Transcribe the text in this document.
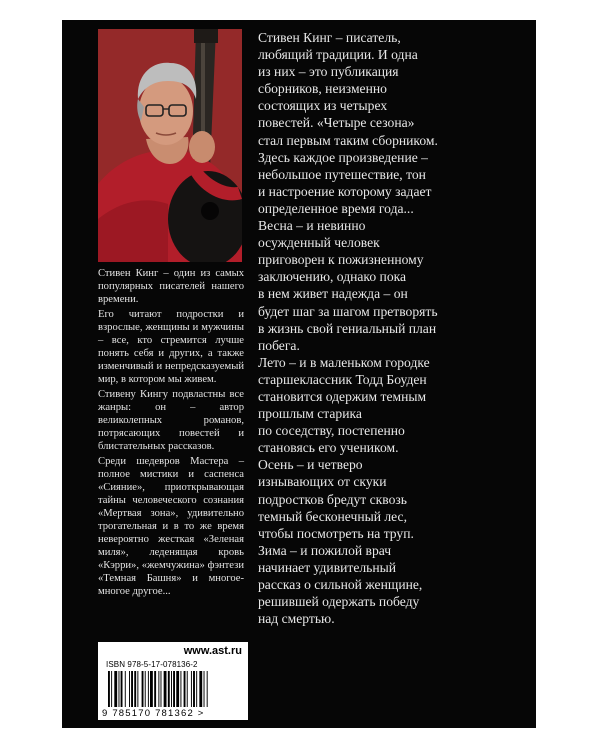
Стивен Кинг – один из самых популярных писателей нашего времени.

Его читают подростки и взрослые, женщины и мужчины – все, кто стремится лучше понять себя и других, а также изменчивый и непредсказуемый мир, в котором мы живем.

Стивену Кингу подвластны все жанры: он – автор великолепных романов, потрясающих повестей и блистательных рассказов.

Среди шедевров Мастера – полное мистики и саспенса «Сияние», приоткрывающая тайны человеческого сознания «Мертвая зона», удивительно трогательная и в то же время невероятно жесткая «Зеленая миля», леденящая кровь «Кэрри», «жемчужина» фэнтези «Темная Башня» и многое-многое другое...

Стивен Кинг – писатель,
любящий традиции. И одна
из них – это публикация
сборников, неизменно
состоящих из четырех
повестей. «Четыре сезона»
стал первым таким сборником.
Здесь каждое произведение –
небольшое путешествие, тон
и настроение которому задает
определенное время года...
Весна – и невинно
осужденный человек
приговорен к пожизненному
заключению, однако пока
в нем живет надежда – он
будет шаг за шагом претворять
в жизнь свой гениальный план
побега.
Лето – и в маленьком городке
старшеклассник Тодд Боуден
становится одержим темным
прошлым старика
по соседству, постепенно
становясь его учеником.
Осень – и четверо
изнывающих от скуки
подростков бредут сквозь
темный бесконечный лес,
чтобы посмотреть на труп.
Зима – и пожилой врач
начинает удивительный
рассказ о сильной женщине,
решившей одержать победу
над смертью.
www.ast.ru
ISBN 978-5-17-078136-2
9 785170 781362 >
